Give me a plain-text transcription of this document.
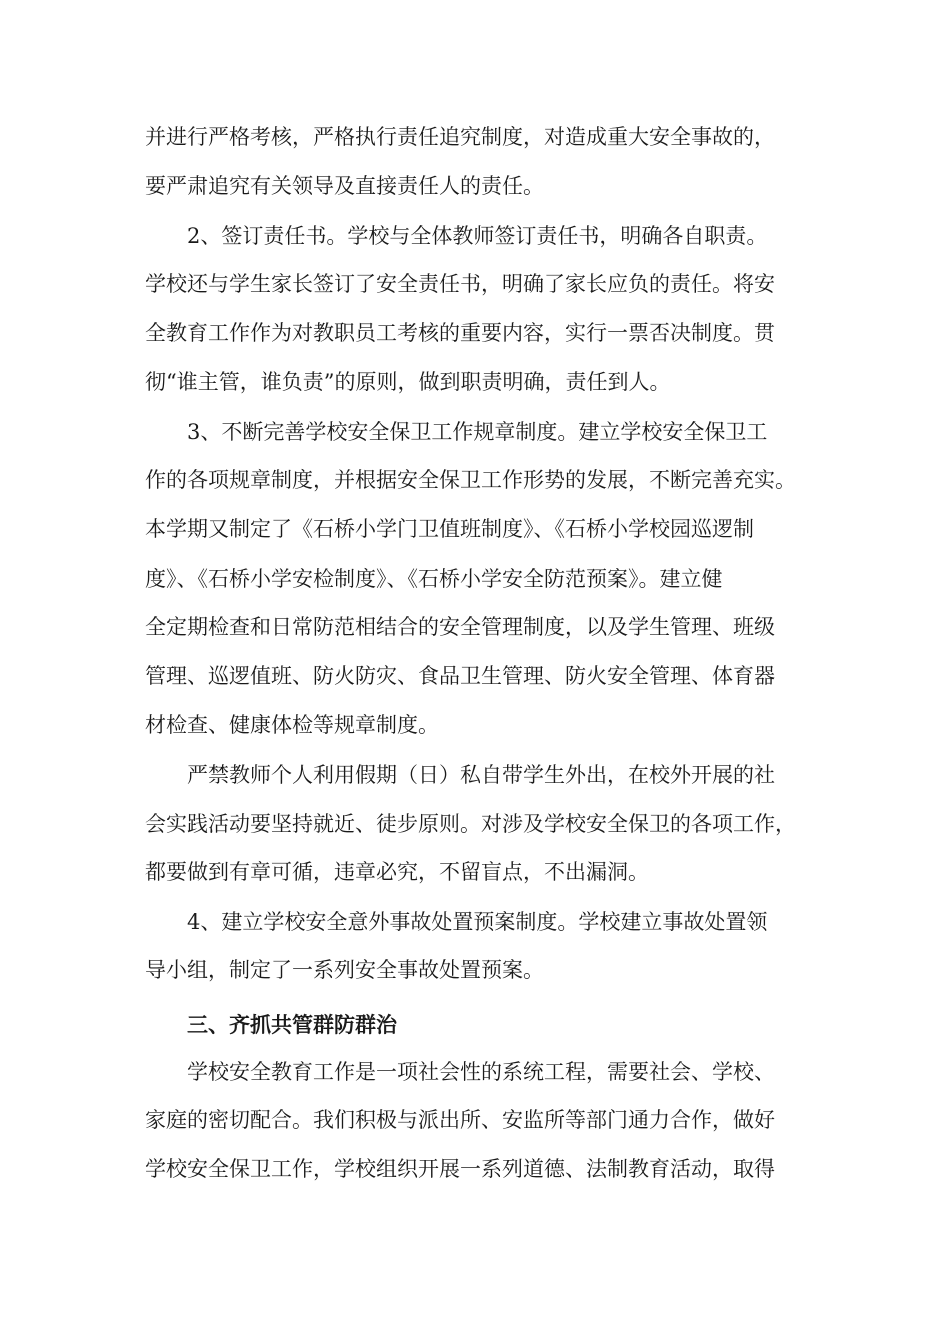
并进行严格考核，严格执行责任追究制度，对造成重大安全事故的，
要严肃追究有关领导及直接责任人的责任。
2、签订责任书。学校与全体教师签订责任书，明确各自职责。
学校还与学生家长签订了安全责任书，明确了家长应负的责任。将安
全教育工作作为对教职员工考核的重要内容，实行一票否决制度。贯
彻“谁主管，谁负责”的原则，做到职责明确，责任到人。
3、不断完善学校安全保卫工作规章制度。建立学校安全保卫工
作的各项规章制度，并根据安全保卫工作形势的发展，不断完善充实。
本学期又制定了《石桥小学门卫值班制度》、《石桥小学校园巡逻制
度》、《石桥小学安检制度》、《石桥小学安全防范预案》。建立健
全定期检查和日常防范相结合的安全管理制度，以及学生管理、班级
管理、巡逻值班、防火防灾、食品卫生管理、防火安全管理、体育器
材检查、健康体检等规章制度。
严禁教师个人利用假期（日）私自带学生外出，在校外开展的社
会实践活动要坚持就近、徒步原则。对涉及学校安全保卫的各项工作，
都要做到有章可循，违章必究，不留盲点，不出漏洞。
4、建立学校安全意外事故处置预案制度。学校建立事故处置领
导小组，制定了一系列安全事故处置预案。
三、齐抓共管群防群治
学校安全教育工作是一项社会性的系统工程，需要社会、学校、
家庭的密切配合。我们积极与派出所、安监所等部门通力合作，做好
学校安全保卫工作，学校组织开展一系列道德、法制教育活动，取得
